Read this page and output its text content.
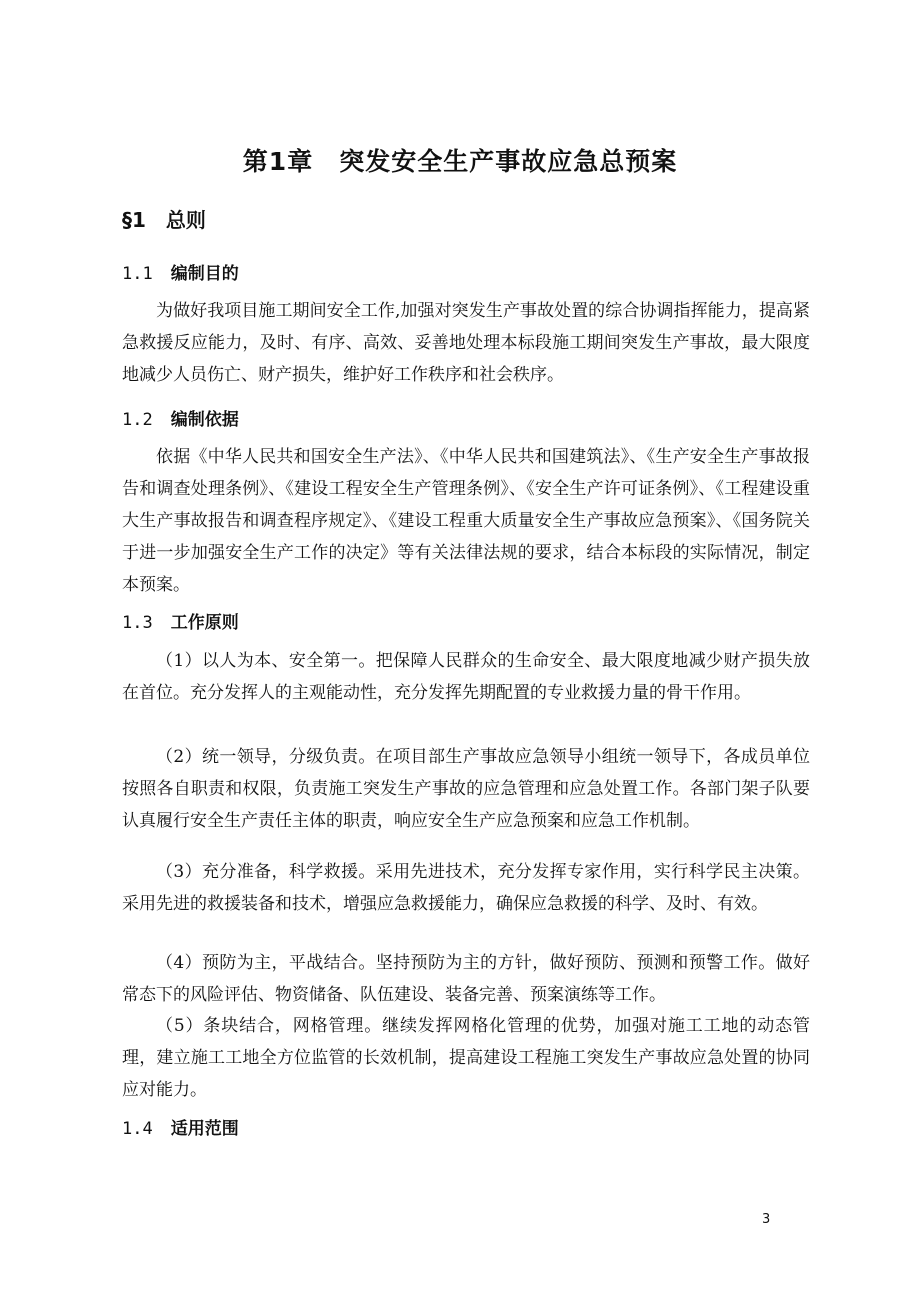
第1章　突发安全生产事故应急总预案
§1　总则
1.1 编制目的

为做好我项目施工期间安全工作,加强对突发生产事故处置的综合协调指挥能力，提高紧急救援反应能力，及时、有序、高效、妥善地处理本标段施工期间突发生产事故，最大限度地减少人员伤亡、财产损失，维护好工作秩序和社会秩序。

1.2 编制依据

依据《中华人民共和国安全生产法》、《中华人民共和国建筑法》、《生产安全生产事故报告和调查处理条例》、《建设工程安全生产管理条例》、《安全生产许可证条例》、《工程建设重大生产事故报告和调查程序规定》、《建设工程重大质量安全生产事故应急预案》、《国务院关于进一步加强安全生产工作的决定》等有关法律法规的要求，结合本标段的实际情况，制定本预案。

1.3 工作原则

（1）以人为本、安全第一。把保障人民群众的生命安全、最大限度地减少财产损失放在首位。充分发挥人的主观能动性，充分发挥先期配置的专业救援力量的骨干作用。

（2）统一领导，分级负责。在项目部生产事故应急领导小组统一领导下，各成员单位按照各自职责和权限，负责施工突发生产事故的应急管理和应急处置工作。各部门架子队要认真履行安全生产责任主体的职责，响应安全生产应急预案和应急工作机制。

（3）充分准备，科学救援。采用先进技术，充分发挥专家作用，实行科学民主决策。采用先进的救援装备和技术，增强应急救援能力，确保应急救援的科学、及时、有效。

（4）预防为主，平战结合。坚持预防为主的方针，做好预防、预测和预警工作。做好常态下的风险评估、物资储备、队伍建设、装备完善、预案演练等工作。

（5）条块结合，网格管理。继续发挥网格化管理的优势，加强对施工工地的动态管理，建立施工工地全方位监管的长效机制，提高建设工程施工突发生产事故应急处置的协同应对能力。

1.4 适用范围
3
